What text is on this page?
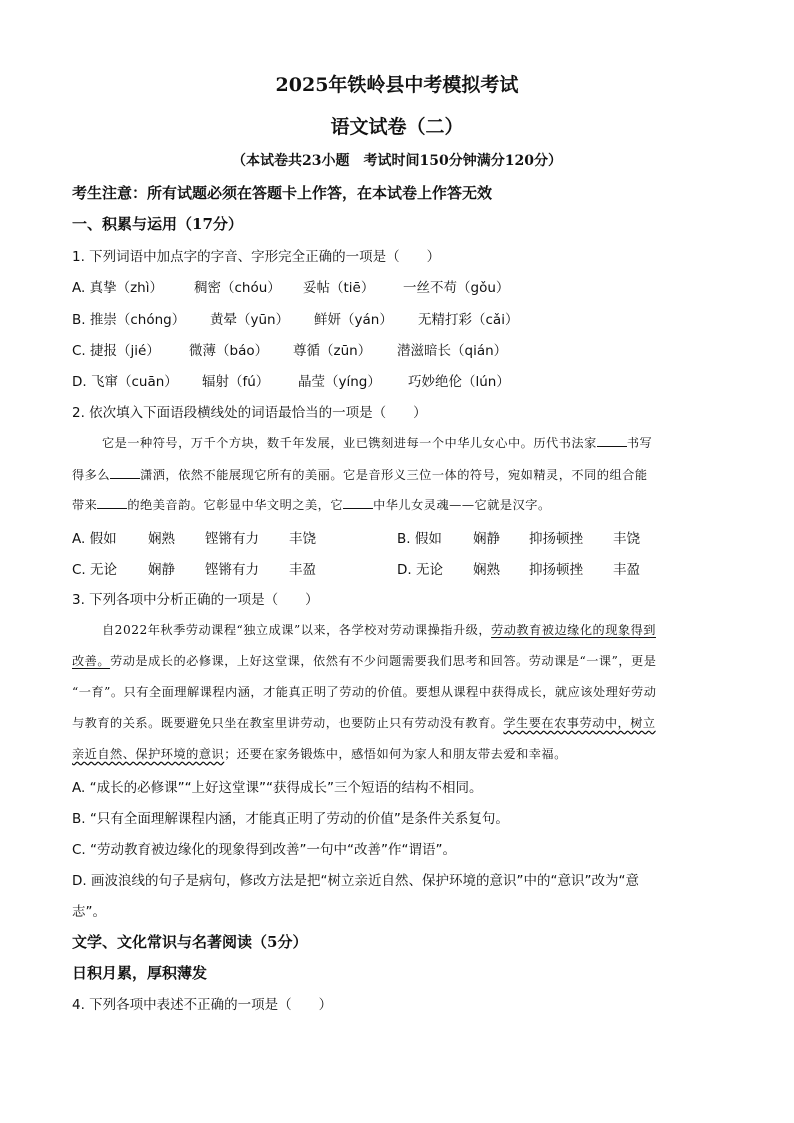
2025年铁岭县中考模拟考试
语文试卷（二）
（本试卷共23小题　考试时间150分钟满分120分）
考生注意：所有试题必须在答题卡上作答，在本试卷上作答无效
一、积累与运用（17分）
1. 下列词语中加点字的字音、字形完全正确的一项是（　　）
A. 真挚（zhì） 稠密（chóu） 妥帖（tiē） 一丝不苟（gǒu）
B. 推崇（chóng） 黄晕（yūn） 鲜妍（yán） 无精打彩（cǎi）
C. 捷报（jié） 微薄（báo） 尊循（zūn） 潜滋暗长（qián）
D. 飞窜（cuān） 辐射（fú） 晶莹（yíng） 巧妙绝伦（lún）
2. 依次填入下面语段横线处的词语最恰当的一项是（　　）
它是一种符号，万千个方块，数千年发展，业已镌刻进每一个中华儿女心中。历代书法家 书写
得多么 潇洒，依然不能展现它所有的美丽。它是音形义三位一体的符号，宛如精灵，不同的组合能
带来 的绝美音韵。它彰显中华文明之美，它 中华儿女灵魂——它就是汉字。
A. 假如 娴熟 铿锵有力 丰饶	B. 假如 娴静 抑扬顿挫 丰饶
C. 无论 娴静 铿锵有力 丰盈	D. 无论 娴熟 抑扬顿挫 丰盈
3. 下列各项中分析正确的一项是（　　）
自2022年秋季劳动课程“独立成课”以来，各学校对劳动课操指升级，劳动教育被边缘化的现象得到
改善。劳动是成长的必修课，上好这堂课，依然有不少问题需要我们思考和回答。劳动课是“一课”，更是
“一育”。只有全面理解课程内涵，才能真正明了劳动的价值。要想从课程中获得成长，就应该处理好劳动
与教育的关系。既要避免只坐在教室里讲劳动，也要防止只有劳动没有教育。学生要在农事劳动中，树立
亲近自然、保护环境的意识；还要在家务锻炼中，感悟如何为家人和朋友带去爱和幸福。
A. “成长的必修课”“上好这堂课”“获得成长”三个短语的结构不相同。
B. “只有全面理解课程内涵，才能真正明了劳动的价值”是条件关系复句。
C. “劳动教育被边缘化的现象得到改善”一句中“改善”作“谓语”。
D. 画波浪线的句子是病句，修改方法是把“树立亲近自然、保护环境的意识”中的“意识”改为“意
志”。
文学、文化常识与名著阅读（5分）
日积月累，厚积薄发
4. 下列各项中表述不正确的一项是（　　）
